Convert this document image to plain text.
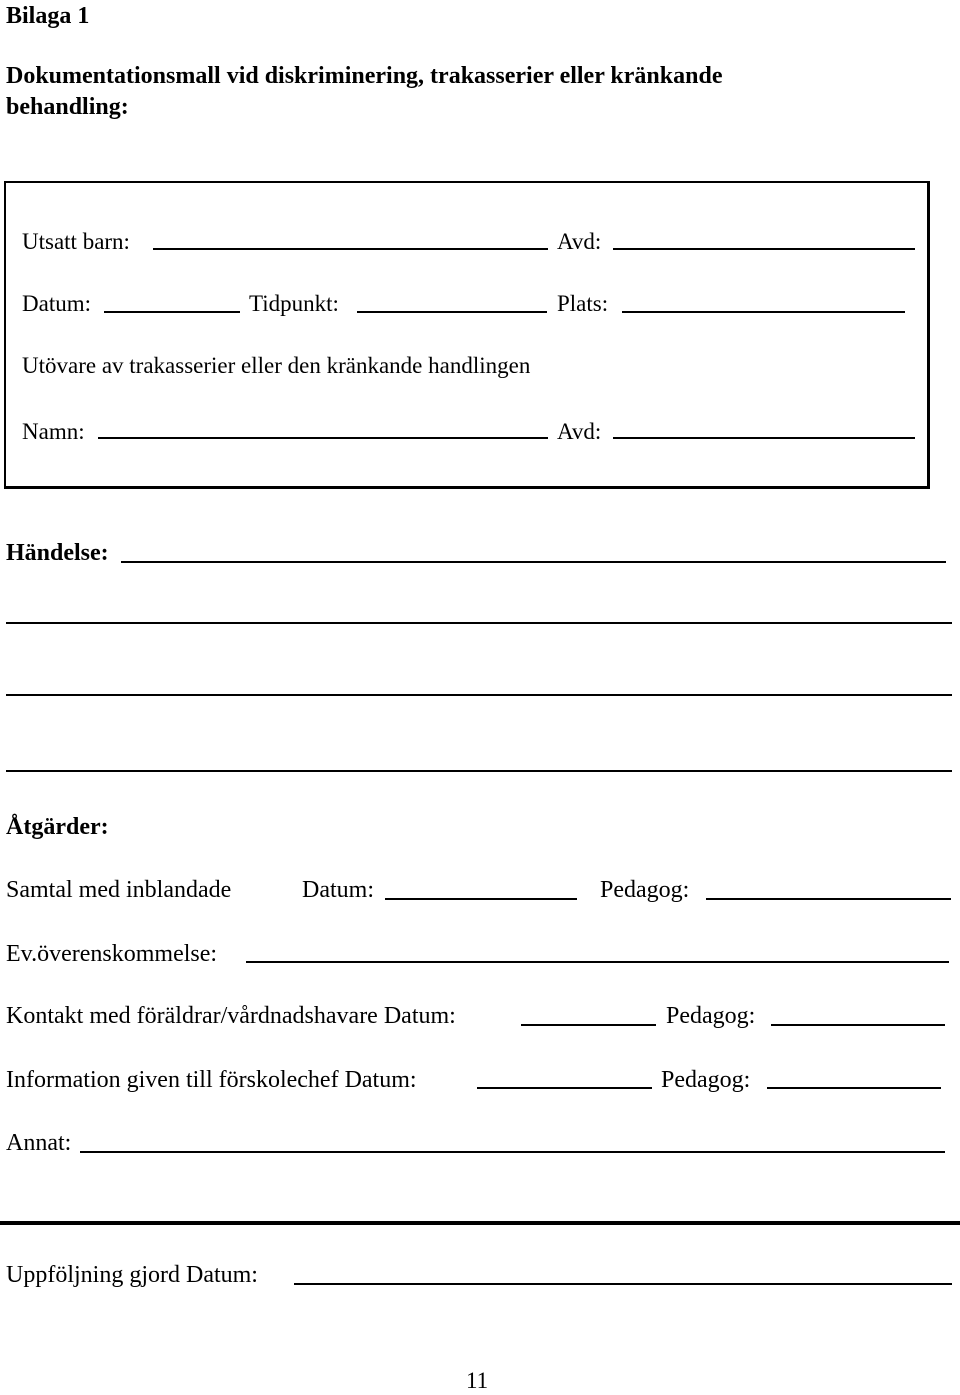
Bilaga 1
Dokumentationsmall vid diskriminering, trakasserier eller kränkande
behandling:
Utsatt barn:	Avd:
Datum:	Tidpunkt:	Plats:
Utövare av trakasserier eller den kränkande handlingen
Namn:	Avd:
Händelse:
Åtgärder:
Samtal med inblandade	Datum:	Pedagog:
Ev.överenskommelse:
Kontakt med föräldrar/vårdnadshavare Datum:	Pedagog:
Information given till förskolechef Datum:	Pedagog:
Annat:
Uppföljning gjord Datum:
11
